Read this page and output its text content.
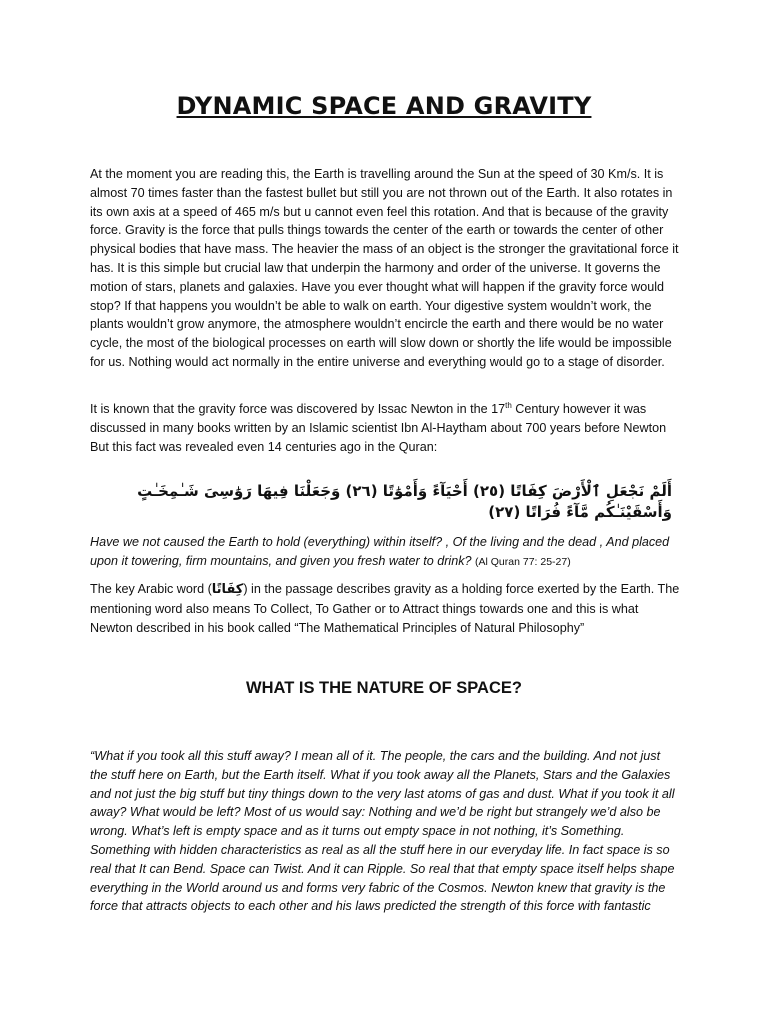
DYNAMIC SPACE AND GRAVITY

At the moment you are reading this, the Earth is travelling around the Sun at the speed of 30 Km/s. It is almost 70 times faster than the fastest bullet but still you are not thrown out of the Earth. It also rotates in its own axis at a speed of 465 m/s but u cannot even feel this rotation. And that is because of the gravity force. Gravity is the force that pulls things towards the center of the earth or towards the center of other physical bodies that have mass. The heavier the mass of an object is the stronger the gravitational force it has. It is this simple but crucial law that underpin the harmony and order of the universe. It governs the motion of stars, planets and galaxies. Have you ever thought what will happen if the gravity force would stop? If that happens you wouldn’t be able to walk on earth. Your digestive system wouldn’t work, the plants wouldn’t grow anymore, the atmosphere wouldn’t encircle the earth and there would be no water cycle, the most of the biological processes on earth will slow down or shortly the life would be impossible for us. Nothing would act normally in the entire universe and everything would go to a stage of disorder.

It is known that the gravity force was discovered by Issac Newton in the 17th Century however it was discussed in many books written by an Islamic scientist Ibn Al-Haytham about 700 years before Newton But this fact was revealed even 14 centuries ago in the Quran:

أَلَمْ نَجْعَلِ ٱلْأَرْضَ كِفَاتًا (٢٥) أَحْيَآءً وَأَمْوَٰتًا (٢٦) وَجَعَلْنَا فِيهَا رَوَٰسِىَ شَـٰمِخَـٰتٍ وَأَسْقَيْنَـٰكُم مَّآءً فُرَاتًا (٢٧)

Have we not caused the Earth to hold (everything) within itself? , Of the living and the dead , And placed upon it towering, firm mountains, and given you fresh water to drink? (Al Quran 77: 25-27)

The key Arabic word (كِفَاتًا) in the passage describes gravity as a holding force exerted by the Earth. The mentioning word also means To Collect, To Gather or to Attract things towards one and this is what Newton described in his book called “The Mathematical Principles of Natural Philosophy”

WHAT IS THE NATURE OF SPACE?

“What if you took all this stuff away? I mean all of it. The people, the cars and the building. And not just the stuff here on Earth, but the Earth itself. What if you took away all the Planets, Stars and the Galaxies and not just the big stuff but tiny things down to the very last atoms of gas and dust. What if you took it all away? What would be left? Most of us would say: Nothing and we’d be right but strangely we’d also be wrong. What’s left is empty space and as it turns out empty space in not nothing, it’s Something. Something with hidden characteristics as real as all the stuff here in our everyday life. In fact space is so real that It can Bend. Space can Twist. And it can Ripple. So real that that empty space itself helps shape everything in the World around us and forms very fabric of the Cosmos. Newton knew that gravity is the force that attracts objects to each other and his laws predicted the strength of this force with fantastic
